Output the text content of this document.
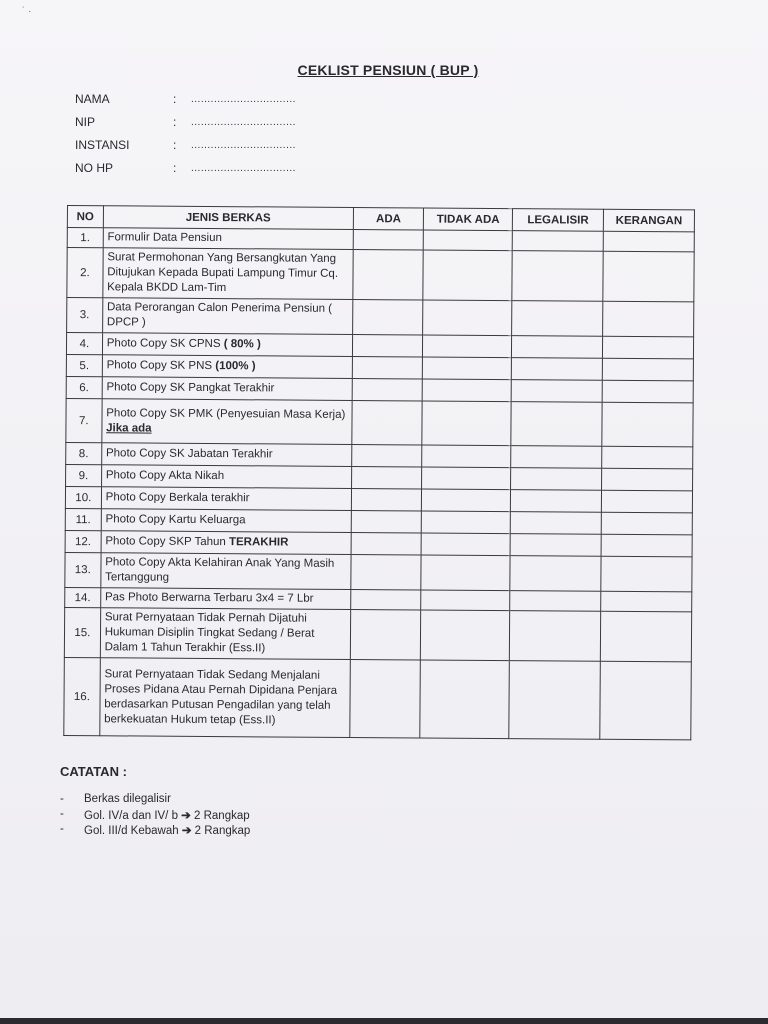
˙ ·
CEKLIST PENSIUN ( BUP )
NAMA	: ................................
NIP	: ................................
INSTANSI	: ................................
NO HP	: ................................
NO	JENIS BERKAS	ADA	TIDAK ADA	LEGALISIR	KERANGAN
1.	Formulir Data Pensiun				
2.	Surat Permohonan Yang Bersangkutan Yang Ditujukan Kepada Bupati Lampung Timur Cq. Kepala BKDD Lam-Tim				
3.	Data Perorangan Calon Penerima Pensiun ( DPCP )				
4.	Photo Copy SK CPNS ( 80% )				
5.	Photo Copy SK PNS (100% )				
6.	Photo Copy SK Pangkat Terakhir				
7.	Photo Copy SK PMK (Penyesuian Masa Kerja) Jika ada				
8.	Photo Copy SK Jabatan Terakhir				
9.	Photo Copy Akta Nikah				
10.	Photo Copy Berkala terakhir				
11.	Photo Copy Kartu Keluarga				
12.	Photo Copy SKP Tahun TERAKHIR				
13.	Photo Copy Akta Kelahiran Anak Yang Masih Tertanggung				
14.	Pas Photo Berwarna Terbaru 3x4 = 7 Lbr				
15.	Surat Pernyataan Tidak Pernah Dijatuhi Hukuman Disiplin Tingkat Sedang / Berat Dalam 1 Tahun Terakhir (Ess.II)				
16.	Surat Pernyataan Tidak Sedang Menjalani Proses Pidana Atau Pernah Dipidana Penjara berdasarkan Putusan Pengadilan yang telah berkekuatan Hukum tetap (Ess.II)				
CATATAN :
- Berkas dilegalisir
- Gol. IV/a dan IV/ b ➔ 2 Rangkap
- Gol. III/d Kebawah ➔ 2 Rangkap
